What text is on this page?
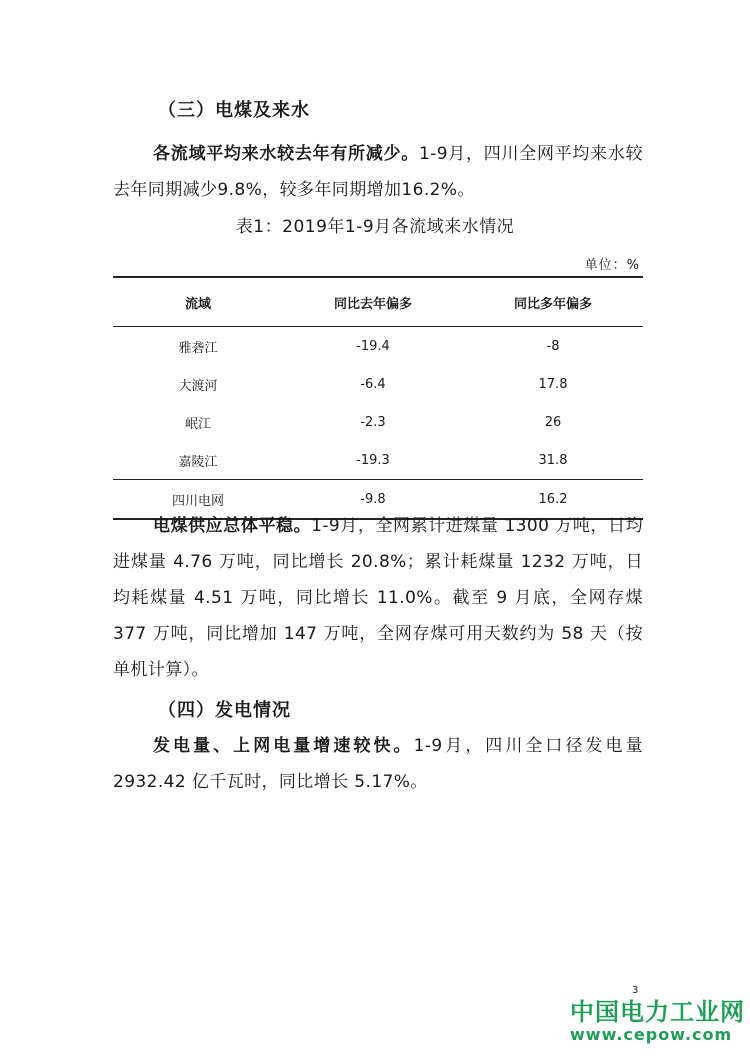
（三）电煤及来水
各流域平均来水较去年有所减少。1-9月，四川全网平均来水较去年同期减少9.8%，较多年同期增加16.2%。
表1：2019年1-9月各流域来水情况
单位：%
流域	同比去年偏多	同比多年偏多
雅砻江	-19.4	-8
大渡河	-6.4	17.8
岷江	-2.3	26
嘉陵江	-19.3	31.8
四川电网	-9.8	16.2
电煤供应总体平稳。1-9月，全网累计进煤量 1300 万吨，日均进煤量 4.76 万吨，同比增长 20.8%；累计耗煤量 1232 万吨，日均耗煤量 4.51 万吨，同比增长 11.0%。截至 9 月底，全网存煤 377 万吨，同比增加 147 万吨，全网存煤可用天数约为 58 天（按单机计算）。
（四）发电情况
发电量、上网电量增速较快。1-9月，四川全口径发电量 2932.42 亿千瓦时，同比增长 5.17%。
3
中国电力工业网
www.cepow.com
